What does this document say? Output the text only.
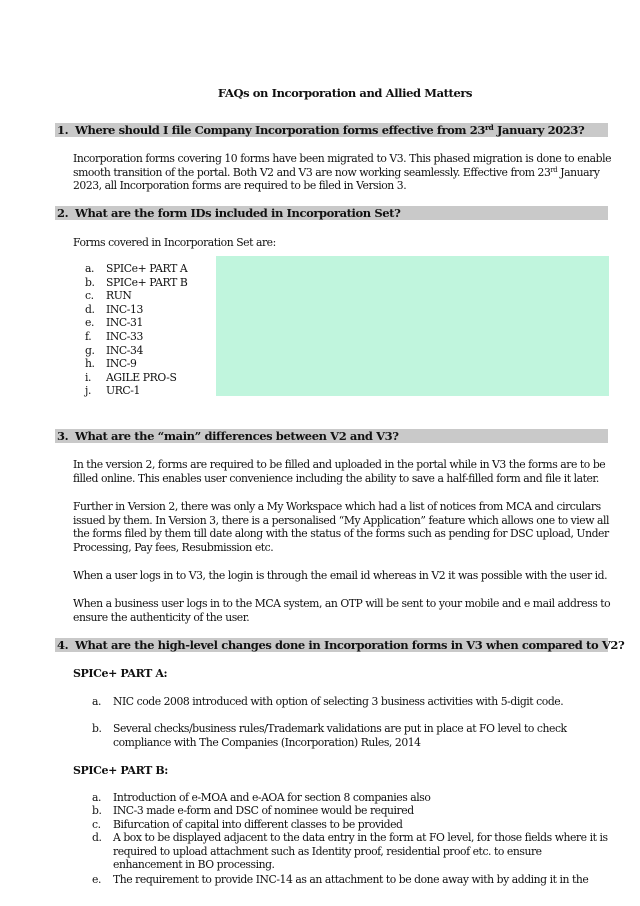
FAQs on Incorporation and Allied Matters
1. Where should I file Company Incorporation forms effective from 23rd January 2023?
Incorporation forms covering 10 forms have been migrated to V3. This phased migration is done to enable smooth transition of the portal. Both V2 and V3 are now working seamlessly. Effective from 23rd January 2023, all Incorporation forms are required to be filed in Version 3.
2. What are the form IDs included in Incorporation Set?
Forms covered in Incorporation Set are:
a. SPICe+ PART A
b. SPICe+ PART B
c. RUN
d. INC-13
e. INC-31
f. INC-33
g. INC-34
h. INC-9
i. AGILE PRO-S
j. URC-1
3. What are the “main” differences between V2 and V3?
In the version 2, forms are required to be filled and uploaded in the portal while in V3 the forms are to be filled online. This enables user convenience including the ability to save a half-filled form and file it later.
Further in Version 2, there was only a My Workspace which had a list of notices from MCA and circulars issued by them. In Version 3, there is a personalised “My Application” feature which allows one to view all the forms filed by them till date along with the status of the forms such as pending for DSC upload, Under Processing, Pay fees, Resubmission etc.
When a user logs in to V3, the login is through the email id whereas in V2 it was possible with the user id.
When a business user logs in to the MCA system, an OTP will be sent to your mobile and e mail address to ensure the authenticity of the user.
4. What are the high-level changes done in Incorporation forms in V3 when compared to V2?
SPICe+ PART A:
a. NIC code 2008 introduced with option of selecting 3 business activities with 5-digit code.
b. Several checks/business rules/Trademark validations are put in place at FO level to check compliance with The Companies (Incorporation) Rules, 2014
SPICe+ PART B:
a. Introduction of e-MOA and e-AOA for section 8 companies also
b. INC-3 made e-form and DSC of nominee would be required
c. Bifurcation of capital into different classes to be provided
d. A box to be displayed adjacent to the data entry in the form at FO level, for those fields where it is required to upload attachment such as Identity proof, residential proof etc. to ensure enhancement in BO processing.
e. The requirement to provide INC-14 as an attachment to be done away with by adding it in the
